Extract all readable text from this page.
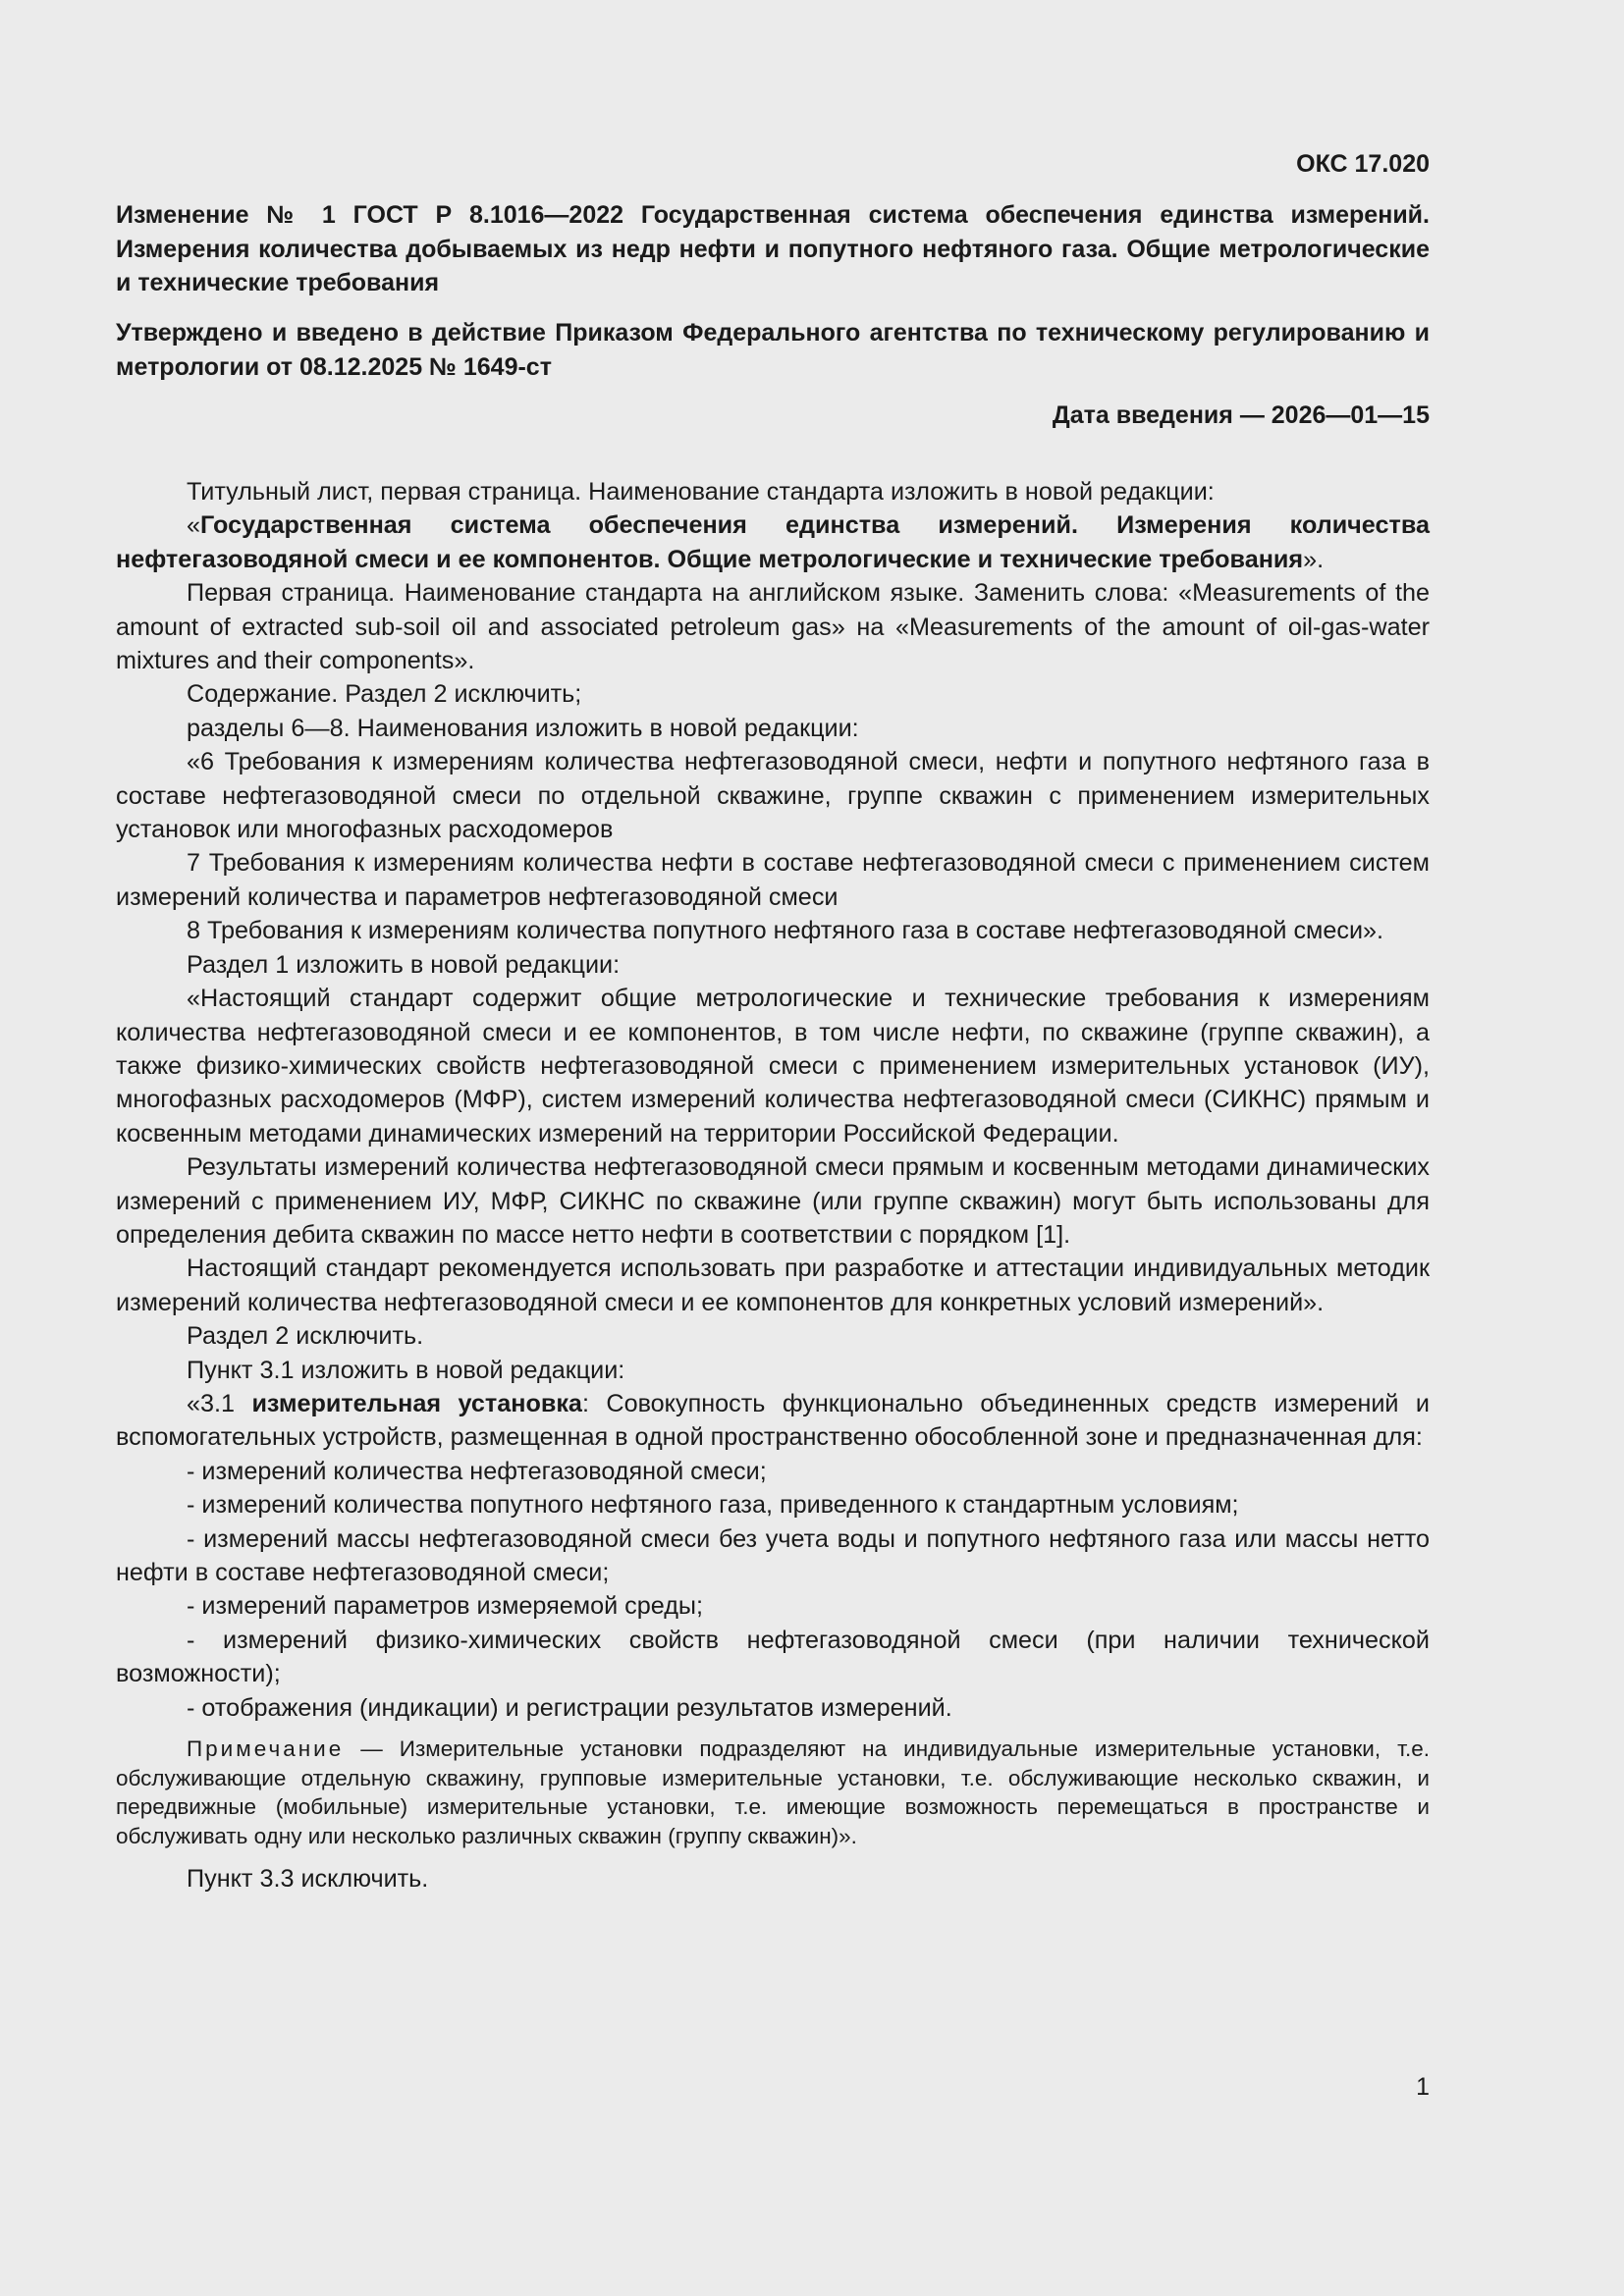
ОКС 17.020

Изменение № 1 ГОСТ Р 8.1016—2022 Государственная система обеспечения единства измерений. Измерения количества добываемых из недр нефти и попутного нефтяного газа. Общие метрологические и технические требования

Утверждено и введено в действие Приказом Федерального агентства по техническому регулированию и метрологии от 08.12.2025 № 1649-ст

Дата введения — 2026—01—15

Титульный лист, первая страница. Наименование стандарта изложить в новой редакции:

«Государственная система обеспечения единства измерений. Измерения количества нефтегазоводяной смеси и ее компонентов. Общие метрологические и технические требования».

Первая страница. Наименование стандарта на английском языке. Заменить слова: «Measurements of the amount of extracted sub-soil oil and associated petroleum gas» на «Measurements of the amount of oil-gas-water mixtures and their components».

Содержание. Раздел 2 исключить;

разделы 6—8. Наименования изложить в новой редакции:

«6 Требования к измерениям количества нефтегазоводяной смеси, нефти и попутного нефтяного газа в составе нефтегазоводяной смеси по отдельной скважине, группе скважин с применением измерительных установок или многофазных расходомеров

7 Требования к измерениям количества нефти в составе нефтегазоводяной смеси с применением систем измерений количества и параметров нефтегазоводяной смеси

8 Требования к измерениям количества попутного нефтяного газа в составе нефтегазоводяной смеси».

Раздел 1 изложить в новой редакции:

«Настоящий стандарт содержит общие метрологические и технические требования к измерениям количества нефтегазоводяной смеси и ее компонентов, в том числе нефти, по скважине (группе скважин), а также физико-химических свойств нефтегазоводяной смеси с применением измерительных установок (ИУ), многофазных расходомеров (МФР), систем измерений количества нефтегазоводяной смеси (СИКНС) прямым и косвенным методами динамических измерений на территории Российской Федерации.

Результаты измерений количества нефтегазоводяной смеси прямым и косвенным методами динамических измерений с применением ИУ, МФР, СИКНС по скважине (или группе скважин) могут быть использованы для определения дебита скважин по массе нетто нефти в соответствии с порядком [1].

Настоящий стандарт рекомендуется использовать при разработке и аттестации индивидуальных методик измерений количества нефтегазоводяной смеси и ее компонентов для конкретных условий измерений».

Раздел 2 исключить.

Пункт 3.1 изложить в новой редакции:

«3.1 измерительная установка: Совокупность функционально объединенных средств измерений и вспомогательных устройств, размещенная в одной пространственно обособленной зоне и предназначенная для:

- измерений количества нефтегазоводяной смеси;

- измерений количества попутного нефтяного газа, приведенного к стандартным условиям;

- измерений массы нефтегазоводяной смеси без учета воды и попутного нефтяного газа или массы нетто нефти в составе нефтегазоводяной смеси;

- измерений параметров измеряемой среды;

- измерений физико-химических свойств нефтегазоводяной смеси (при наличии технической возможности);

- отображения (индикации) и регистрации результатов измерений.

Примечание — Измерительные установки подразделяют на индивидуальные измерительные установки, т.е. обслуживающие отдельную скважину, групповые измерительные установки, т.е. обслуживающие несколько скважин, и передвижные (мобильные) измерительные установки, т.е. имеющие возможность перемещаться в пространстве и обслуживать одну или несколько различных скважин (группу скважин)».

Пункт 3.3 исключить.

1
